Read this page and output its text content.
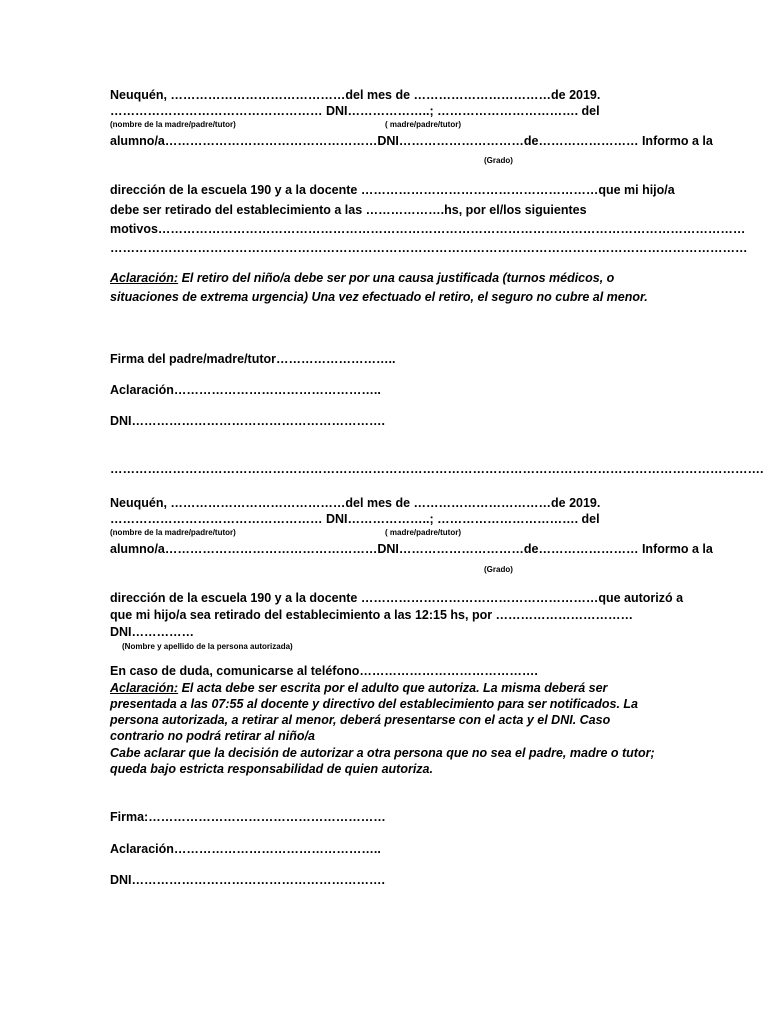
Neuquén, ……………………………………del mes de ……………………………de 2019.
…………………………………………… DNI………………..; ……………………………. del
(nombre de la madre/padre/tutor)	( madre/padre/tutor)
alumno/a……………………………………………DNI…………………………de…………………… Informo a la
(Grado)
dirección de la escuela 190 y a la docente …………………………………………………que mi hijo/a
debe ser retirado del establecimiento a las ……………….hs, por el/los siguientes
motivos……………………………………………………………………………………………………………………………
………………………………………………………………………………………………………………………………………
Aclaración: El retiro del niño/a debe ser por una causa justificada (turnos médicos, o
situaciones de extrema urgencia) Una vez efectuado el retiro, el seguro no cubre al menor.
Firma del padre/madre/tutor………………………..
Aclaración…………………………………………..
DNI…………………………………………………….
………………………………………………………………………………………………………………………………………….
Neuquén, ……………………………………del mes de ……………………………de 2019.
…………………………………………… DNI………………..; ……………………………. del
(nombre de la madre/padre/tutor)	( madre/padre/tutor)
alumno/a……………………………………………DNI…………………………de…………………… Informo a la
(Grado)
dirección de la escuela 190 y a la docente …………………………………………………que autorizó a
que mi hijo/a sea retirado del establecimiento a las 12:15 hs, por ……………………………
DNI……………
(Nombre y apellido de la persona autorizada)
En caso de duda, comunicarse al teléfono…………………………………….
Aclaración: El acta debe ser escrita por el adulto que autoriza. La misma deberá ser
presentada a las 07:55 al docente y directivo del establecimiento para ser notificados. La
persona autorizada, a retirar al menor, deberá presentarse con el acta y el DNI. Caso
contrario no podrá retirar al niño/a
Cabe aclarar que la decisión de autorizar a otra persona que no sea el padre, madre o tutor;
queda bajo estricta responsabilidad de quien autoriza.
Firma:…………………………………………………
Aclaración…………………………………………..
DNI…………………………………………………….
